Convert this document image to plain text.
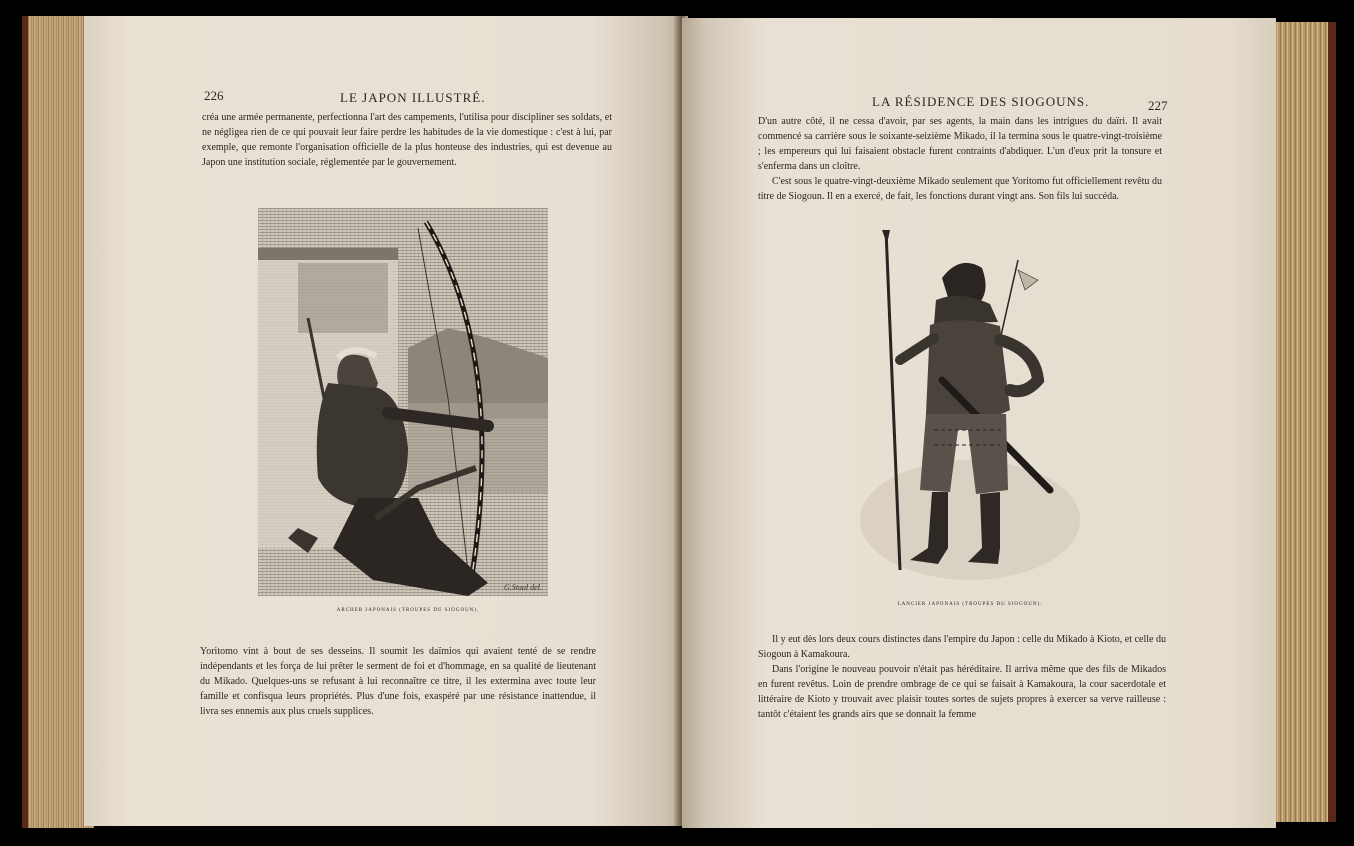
226	LE JAPON ILLUSTRÉ.

créa une armée permanente, perfectionna l'art des campements, l'utilisa pour discipliner ses soldats, et ne négligea rien de ce qui pouvait leur faire perdre les habitudes de la vie domestique : c'est à lui, par exemple, que remonte l'organisation officielle de la plus honteuse des industries, qui est devenue au Japon une institution sociale, réglementée par le gouvernement.

G.Staal del.
ARCHER JAPONAIS (TROUPES DU SIOGOUN).

Yoritomo vint à bout de ses desseins. Il soumit les daïmios qui avaient tenté de se rendre indépendants et les força de lui prêter le serment de foi et d'hommage, en sa qualité de lieutenant du Mikado. Quelques-uns se refusant à lui reconnaître ce titre, il les extermina avec toute leur famille et confisqua leurs propriétés. Plus d'une fois, exaspéré par une résistance inattendue, il livra ses ennemis aux plus cruels supplices.

LA RÉSIDENCE DES SIOGOUNS.	227

D'un autre côté, il ne cessa d'avoir, par ses agents, la main dans les intrigues du daïri. Il avait commencé sa carrière sous le soixante-seizième Mikado, il la termina sous le quatre-vingt-troisième ; les empereurs qui lui faisaient obstacle furent contraints d'abdiquer. L'un d'eux prit la tonsure et s'enferma dans un cloître.

C'est sous le quatre-vingt-deuxième Mikado seulement que Yoritomo fut officiellement revêtu du titre de Siogoun. Il en a exercé, de fait, les fonctions durant vingt ans. Son fils lui succéda.

LANCIER JAPONAIS (TROUPES DU SIOGOUN).

Il y eut dès lors deux cours distinctes dans l'empire du Japon : celle du Mikado à Kioto, et celle du Siogoun à Kamakoura.

Dans l'origine le nouveau pouvoir n'était pas héréditaire. Il arriva même que des fils de Mikados en furent revêtus. Loin de prendre ombrage de ce qui se faisait à Kamakoura, la cour sacerdotale et littéraire de Kioto y trouvait avec plaisir toutes sortes de sujets propres à exercer sa verve railleuse : tantôt c'étaient les grands airs que se donnait la femme
